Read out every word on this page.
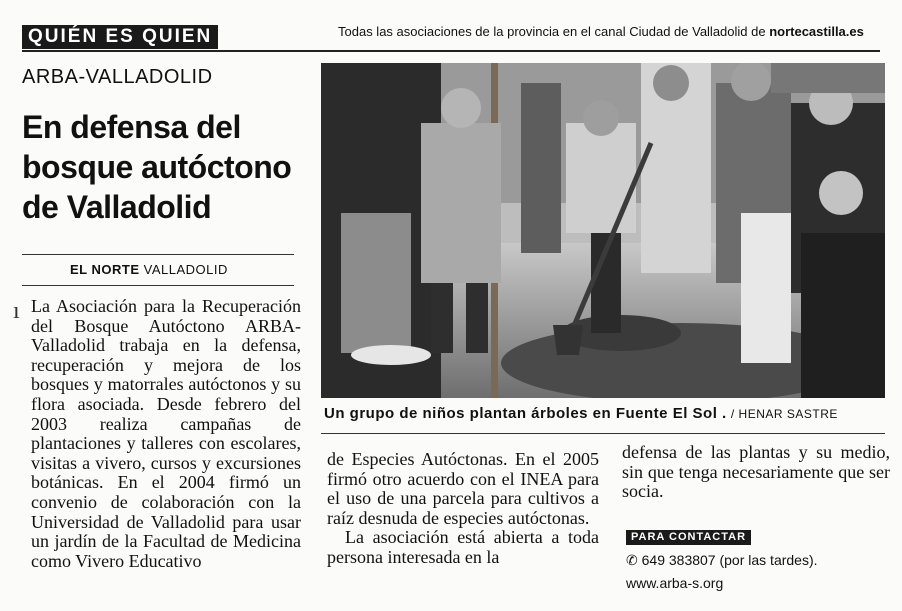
QUIÉN ES QUIEN	Todas las asociaciones de la provincia en el canal Ciudad de Valladolid de nortecastilla.es
ARBA-VALLADOLID
En defensa del bosque autóctono de Valladolid
EL NORTE VALLADOLID
ı La Asociación para la Recuperación del Bosque Autóctono ARBA-Valladolid trabaja en la defensa, recuperación y mejora de los bosques y matorrales autóctonos y su flora asociada. Desde febrero del 2003 realiza campañas de plantaciones y talleres con escolares, visitas a vivero, cursos y excursiones botánicas. En el 2004 firmó un convenio de colaboración con la Universidad de Valladolid para usar un jardín de la Facultad de Medicina como Vivero Educativo
Un grupo de niños plantan árboles en Fuente El Sol . / HENAR SASTRE
de Especies Autóctonas. En el 2005 firmó otro acuerdo con el INEA para el uso de una parcela para cultivos a raíz desnuda de especies autóctonas.
La asociación está abierta a toda persona interesada en la
defensa de las plantas y su medio, sin que tenga necesariamente que ser socia.
PARA CONTACTAR
✆ 649 383807 (por las tardes).
www.arba-s.org
